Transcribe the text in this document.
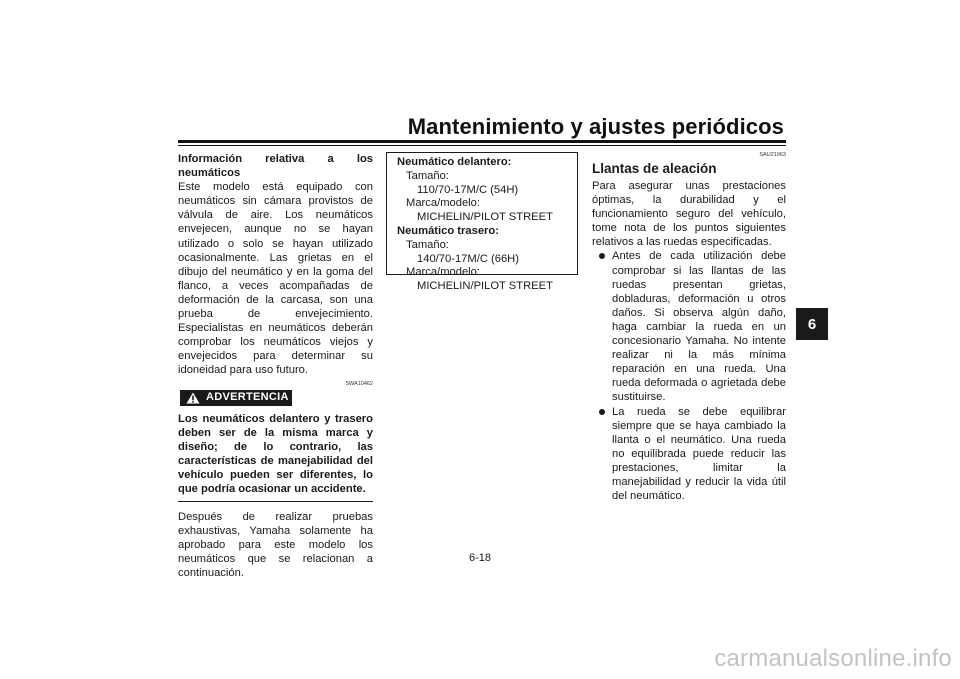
Mantenimiento y ajustes periódicos
6

Información relativa a los neumáticos

Este modelo está equipado con neumáticos sin cámara provistos de válvula de aire. Los neumáticos envejecen, aunque no se hayan utilizado o solo se hayan utilizado ocasionalmente. Las grietas en el dibujo del neumático y en la goma del flanco, a veces acompañadas de deformación de la carcasa, son una prueba de envejecimiento. Especialistas en neumáticos deberán comprobar los neumáticos viejos y envejecidos para determinar su idoneidad para uso futuro.

SWA10462
ADVERTENCIA

Los neumáticos delantero y trasero deben ser de la misma marca y diseño; de lo contrario, las características de manejabilidad del vehículo pueden ser diferentes, lo que podría ocasionar un accidente.

Después de realizar pruebas exhaustivas, Yamaha solamente ha aprobado para este modelo los neumáticos que se relacionan a continuación.

Neumático delantero:
Tamaño:
110/70-17M/C (54H)
Marca/modelo:
MICHELIN/PILOT STREET
Neumático trasero:
Tamaño:
140/70-17M/C (66H)
Marca/modelo:
MICHELIN/PILOT STREET
SAU21963

Llantas de aleación

Para asegurar unas prestaciones óptimas, la durabilidad y el funcionamiento seguro del vehículo, tome nota de los puntos siguientes relativos a las ruedas especificadas.

Antes de cada utilización debe comprobar si las llantas de las ruedas presentan grietas, dobladuras, deformación u otros daños. Si observa algún daño, haga cambiar la rueda en un concesionario Yamaha. No intente realizar ni la más mínima reparación en una rueda. Una rueda deformada o agrietada debe sustituirse.
La rueda se debe equilibrar siempre que se haya cambiado la llanta o el neumático. Una rueda no equilibrada puede reducir las prestaciones, limitar la manejabilidad y reducir la vida útil del neumático.
6-18
carmanualsonline.info
